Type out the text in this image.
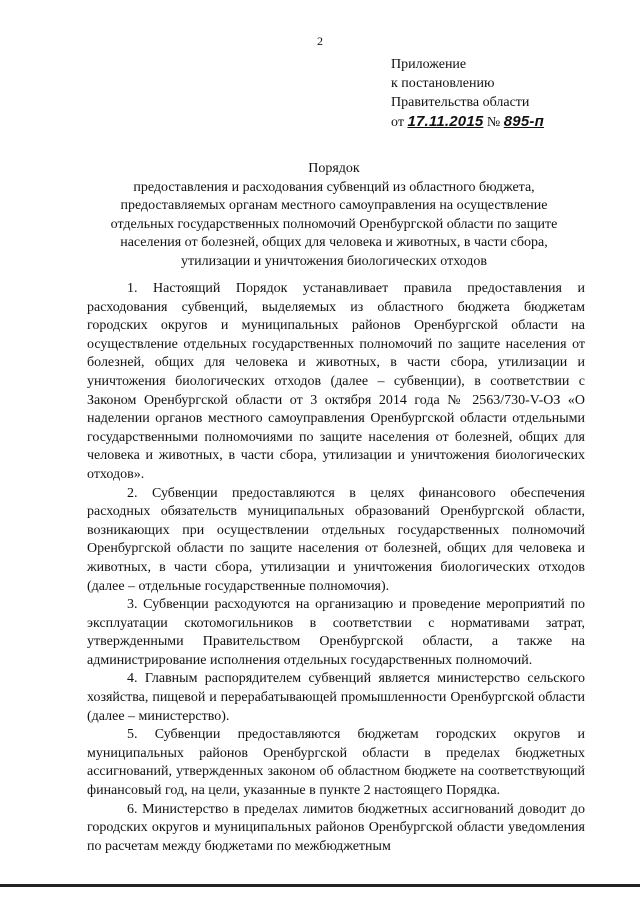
2
Приложение
к постановлению
Правительства области
от 17.11.2015 № 895-п
Порядок
предоставления и расходования субвенций из областного бюджета,
предоставляемых органам местного самоуправления на осуществление
отдельных государственных полномочий Оренбургской области по защите
населения от болезней, общих для человека и животных, в части сбора,
утилизации и уничтожения биологических отходов

1. Настоящий Порядок устанавливает правила предоставления и расходования субвенций, выделяемых из областного бюджета бюджетам городских округов и муниципальных районов Оренбургской области на осуществление отдельных государственных полномочий по защите населения от болезней, общих для человека и животных, в части сбора, утилизации и уничтожения биологических отходов (далее – субвенции), в соответствии с Законом Оренбургской области от 3 октября 2014 года № 2563/730-V-ОЗ «О наделении органов местного самоуправления Оренбургской области отдельными государственными полномочиями по защите населения от болезней, общих для человека и животных, в части сбора, утилизации и уничтожения биологических отходов».

2. Субвенции предоставляются в целях финансового обеспечения расходных обязательств муниципальных образований Оренбургской области, возникающих при осуществлении отдельных государственных полномочий Оренбургской области по защите населения от болезней, общих для человека и животных, в части сбора, утилизации и уничтожения биологических отходов (далее – отдельные государственные полномочия).

3. Субвенции расходуются на организацию и проведение мероприятий по эксплуатации скотомогильников в соответствии с нормативами затрат, утвержденными Правительством Оренбургской области, а также на администрирование исполнения отдельных государственных полномочий.

4. Главным распорядителем субвенций является министерство сельского хозяйства, пищевой и перерабатывающей промышленности Оренбургской области (далее – министерство).

5. Субвенции предоставляются бюджетам городских округов и муниципальных районов Оренбургской области в пределах бюджетных ассигнований, утвержденных законом об областном бюджете на соответствующий финансовый год, на цели, указанные в пункте 2 настоящего Порядка.

6. Министерство в пределах лимитов бюджетных ассигнований доводит до городских округов и муниципальных районов Оренбургской области уведомления по расчетам между бюджетами по межбюджетным
